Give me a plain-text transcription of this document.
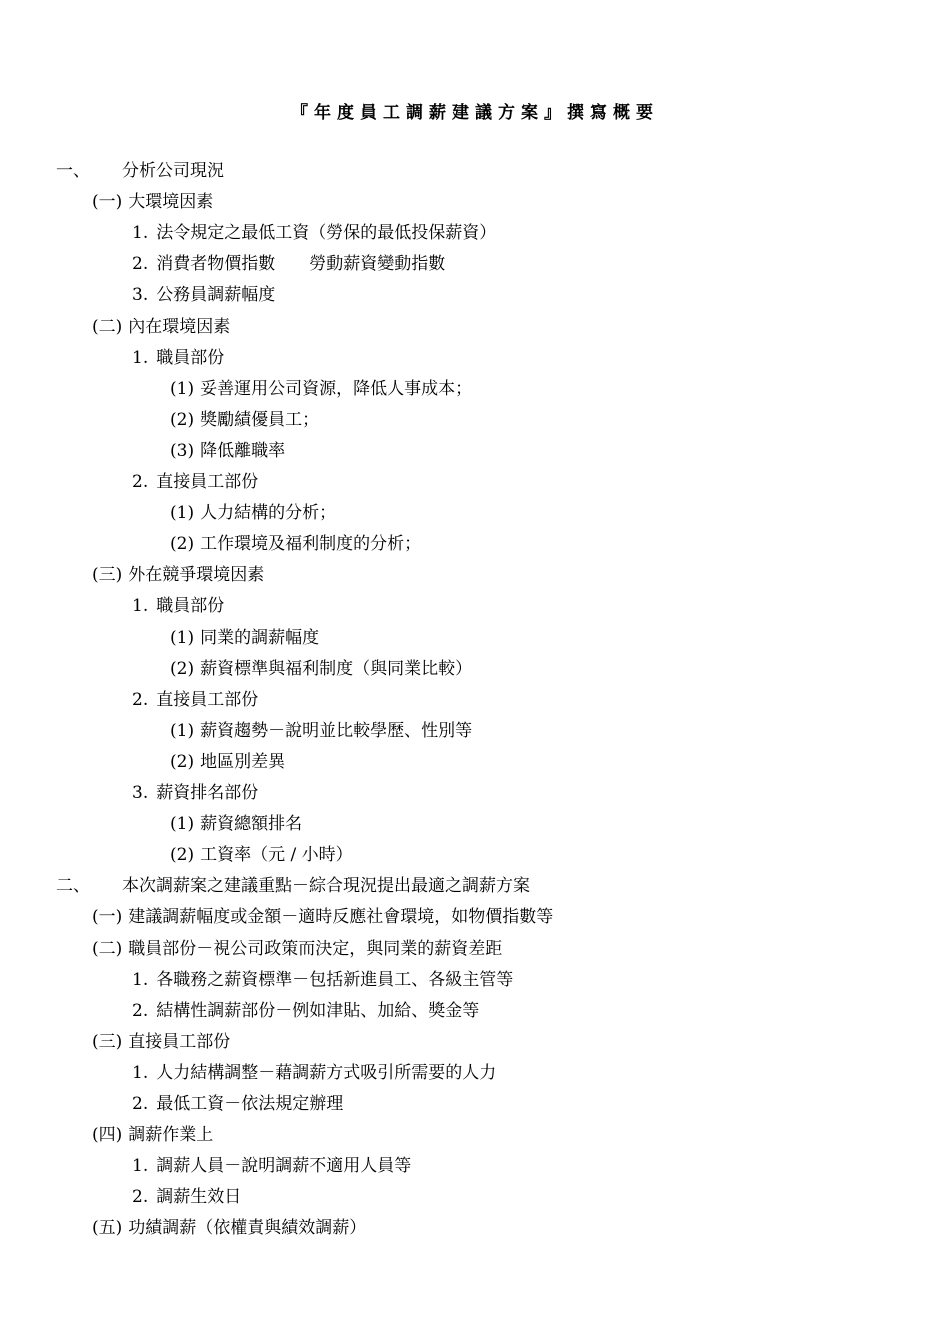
『年度員工調薪建議方案』撰寫概要
一、 分析公司現況
(一) 大環境因素
1. 法令規定之最低工資（勞保的最低投保薪資）
2. 消費者物價指數 勞動薪資變動指數
3. 公務員調薪幅度
(二) 內在環境因素
1. 職員部份
(1) 妥善運用公司資源，降低人事成本；
(2) 獎勵績優員工；
(3) 降低離職率
2. 直接員工部份
(1) 人力結構的分析；
(2) 工作環境及福利制度的分析；
(三) 外在競爭環境因素
1. 職員部份
(1) 同業的調薪幅度
(2) 薪資標準與福利制度（與同業比較）
2. 直接員工部份
(1) 薪資趨勢－說明並比較學歷、性別等
(2) 地區別差異
3. 薪資排名部份
(1) 薪資總額排名
(2) 工資率（元 / 小時）
二、 本次調薪案之建議重點－綜合現況提出最適之調薪方案
(一) 建議調薪幅度或金額－適時反應社會環境，如物價指數等
(二) 職員部份－視公司政策而決定，與同業的薪資差距
1. 各職務之薪資標準－包括新進員工、各級主管等
2. 結構性調薪部份－例如津貼、加給、獎金等
(三) 直接員工部份
1. 人力結構調整－藉調薪方式吸引所需要的人力
2. 最低工資－依法規定辦理
(四) 調薪作業上
1. 調薪人員－說明調薪不適用人員等
2. 調薪生效日
(五) 功績調薪（依權責與績效調薪）
